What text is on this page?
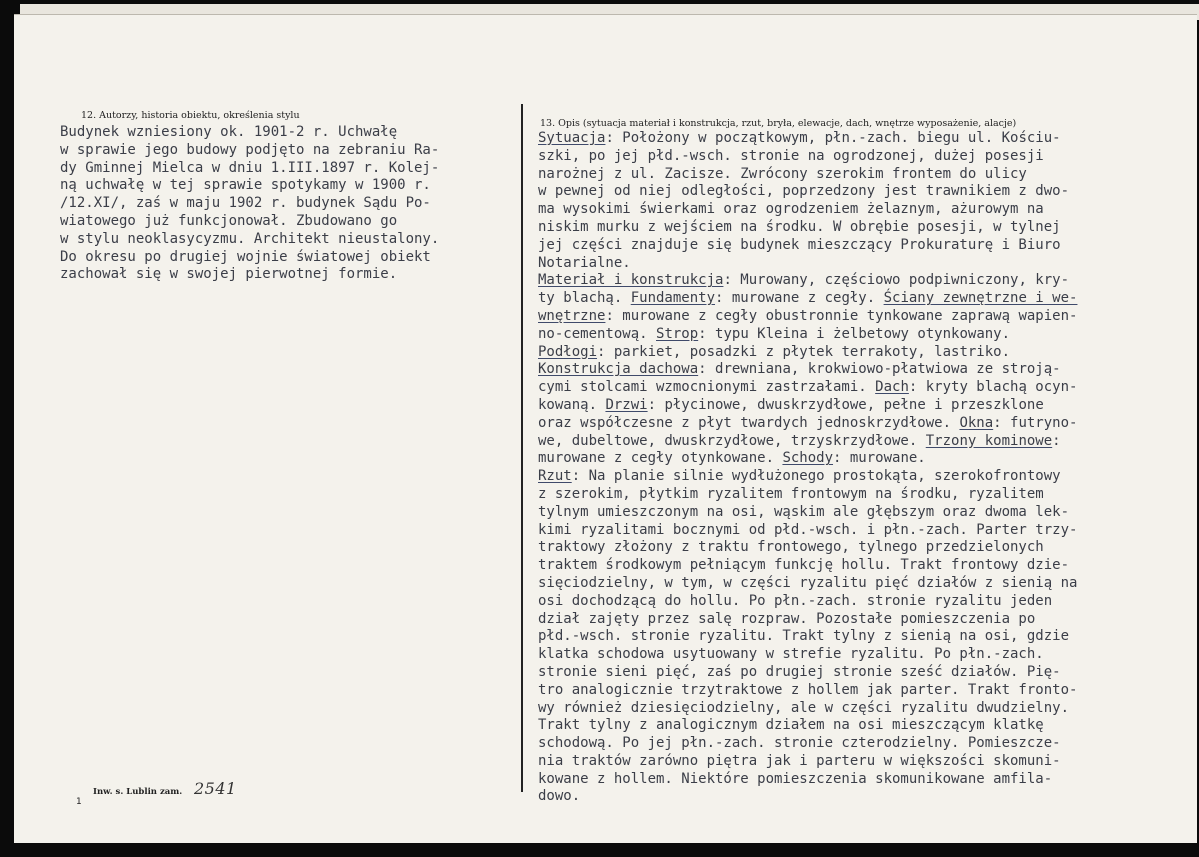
12. Autorzy, historia obiektu, określenia stylu
Budynek wzniesiony ok. 1901-2 r. Uchwałę
w sprawie jego budowy podjęto na zebraniu Ra-
dy Gminnej Mielca w dniu 1.III.1897 r. Kolej-
ną uchwałę w tej sprawie spotykamy w 1900 r.
/12.XI/, zaś w maju 1902 r. budynek Sądu Po-
wiatowego już funkcjonował. Zbudowano go
w stylu neoklasycyzmu. Architekt nieustalony.
Do okresu po drugiej wojnie światowej obiekt
zachował się w swojej pierwotnej formie.
13. Opis (sytuacja materiał i konstrukcja, rzut, bryła, elewacje, dach, wnętrze wyposażenie, alacje)
Sytuacja: Położony w początkowym, płn.-zach. biegu ul. Kościu-
szki, po jej płd.-wsch. stronie na ogrodzonej, dużej posesji
narożnej z ul. Zacisze. Zwrócony szerokim frontem do ulicy
w pewnej od niej odległości, poprzedzony jest trawnikiem z dwo-
ma wysokimi świerkami oraz ogrodzeniem żelaznym, ażurowym na
niskim murku z wejściem na środku. W obrębie posesji, w tylnej
jej części znajduje się budynek mieszczący Prokuraturę i Biuro
Notarialne.
Materiał i konstrukcja: Murowany, częściowo podpiwniczony, kry-
ty blachą. Fundamenty: murowane z cegły. Ściany zewnętrzne i we-
wnętrzne: murowane z cegły obustronnie tynkowane zaprawą wapien-
no-cementową. Strop: typu Kleina i żelbetowy otynkowany.
Podłogi: parkiet, posadzki z płytek terrakoty, lastriko.
Konstrukcja dachowa: drewniana, krokwiowo-płatwiowa ze stroją-
cymi stolcami wzmocnionymi zastrzałami. Dach: kryty blachą ocyn-
kowaną. Drzwi: płycinowe, dwuskrzydłowe, pełne i przeszklone
oraz współczesne z płyt twardych jednoskrzydłowe. Okna: futryno-
we, dubeltowe, dwuskrzydłowe, trzyskrzydłowe. Trzony kominowe:
murowane z cegły otynkowane. Schody: murowane.
Rzut: Na planie silnie wydłużonego prostokąta, szerokofrontowy
z szerokim, płytkim ryzalitem frontowym na środku, ryzalitem
tylnym umieszczonym na osi, wąskim ale głębszym oraz dwoma lek-
kimi ryzalitami bocznymi od płd.-wsch. i płn.-zach. Parter trzy-
traktowy złożony z traktu frontowego, tylnego przedzielonych
traktem środkowym pełniącym funkcję hollu. Trakt frontowy dzie-
sięciodzielny, w tym, w części ryzalitu pięć działów z sienią na
osi dochodzącą do hollu. Po płn.-zach. stronie ryzalitu jeden
dział zajęty przez salę rozpraw. Pozostałe pomieszczenia po
płd.-wsch. stronie ryzalitu. Trakt tylny z sienią na osi, gdzie
klatka schodowa usytuowany w strefie ryzalitu. Po płn.-zach.
stronie sieni pięć, zaś po drugiej stronie sześć działów. Pię-
tro analogicznie trzytraktowe z hollem jak parter. Trakt fronto-
wy również dziesięciodzielny, ale w części ryzalitu dwudzielny.
Trakt tylny z analogicznym działem na osi mieszczącym klatkę
schodową. Po jej płn.-zach. stronie czterodzielny. Pomieszcze-
nia traktów zarówno piętra jak i parteru w większości skomuni-
kowane z hollem. Niektóre pomieszczenia skomunikowane amfila-
dowo.
Inw. s. Lublin zam. 2541
1
